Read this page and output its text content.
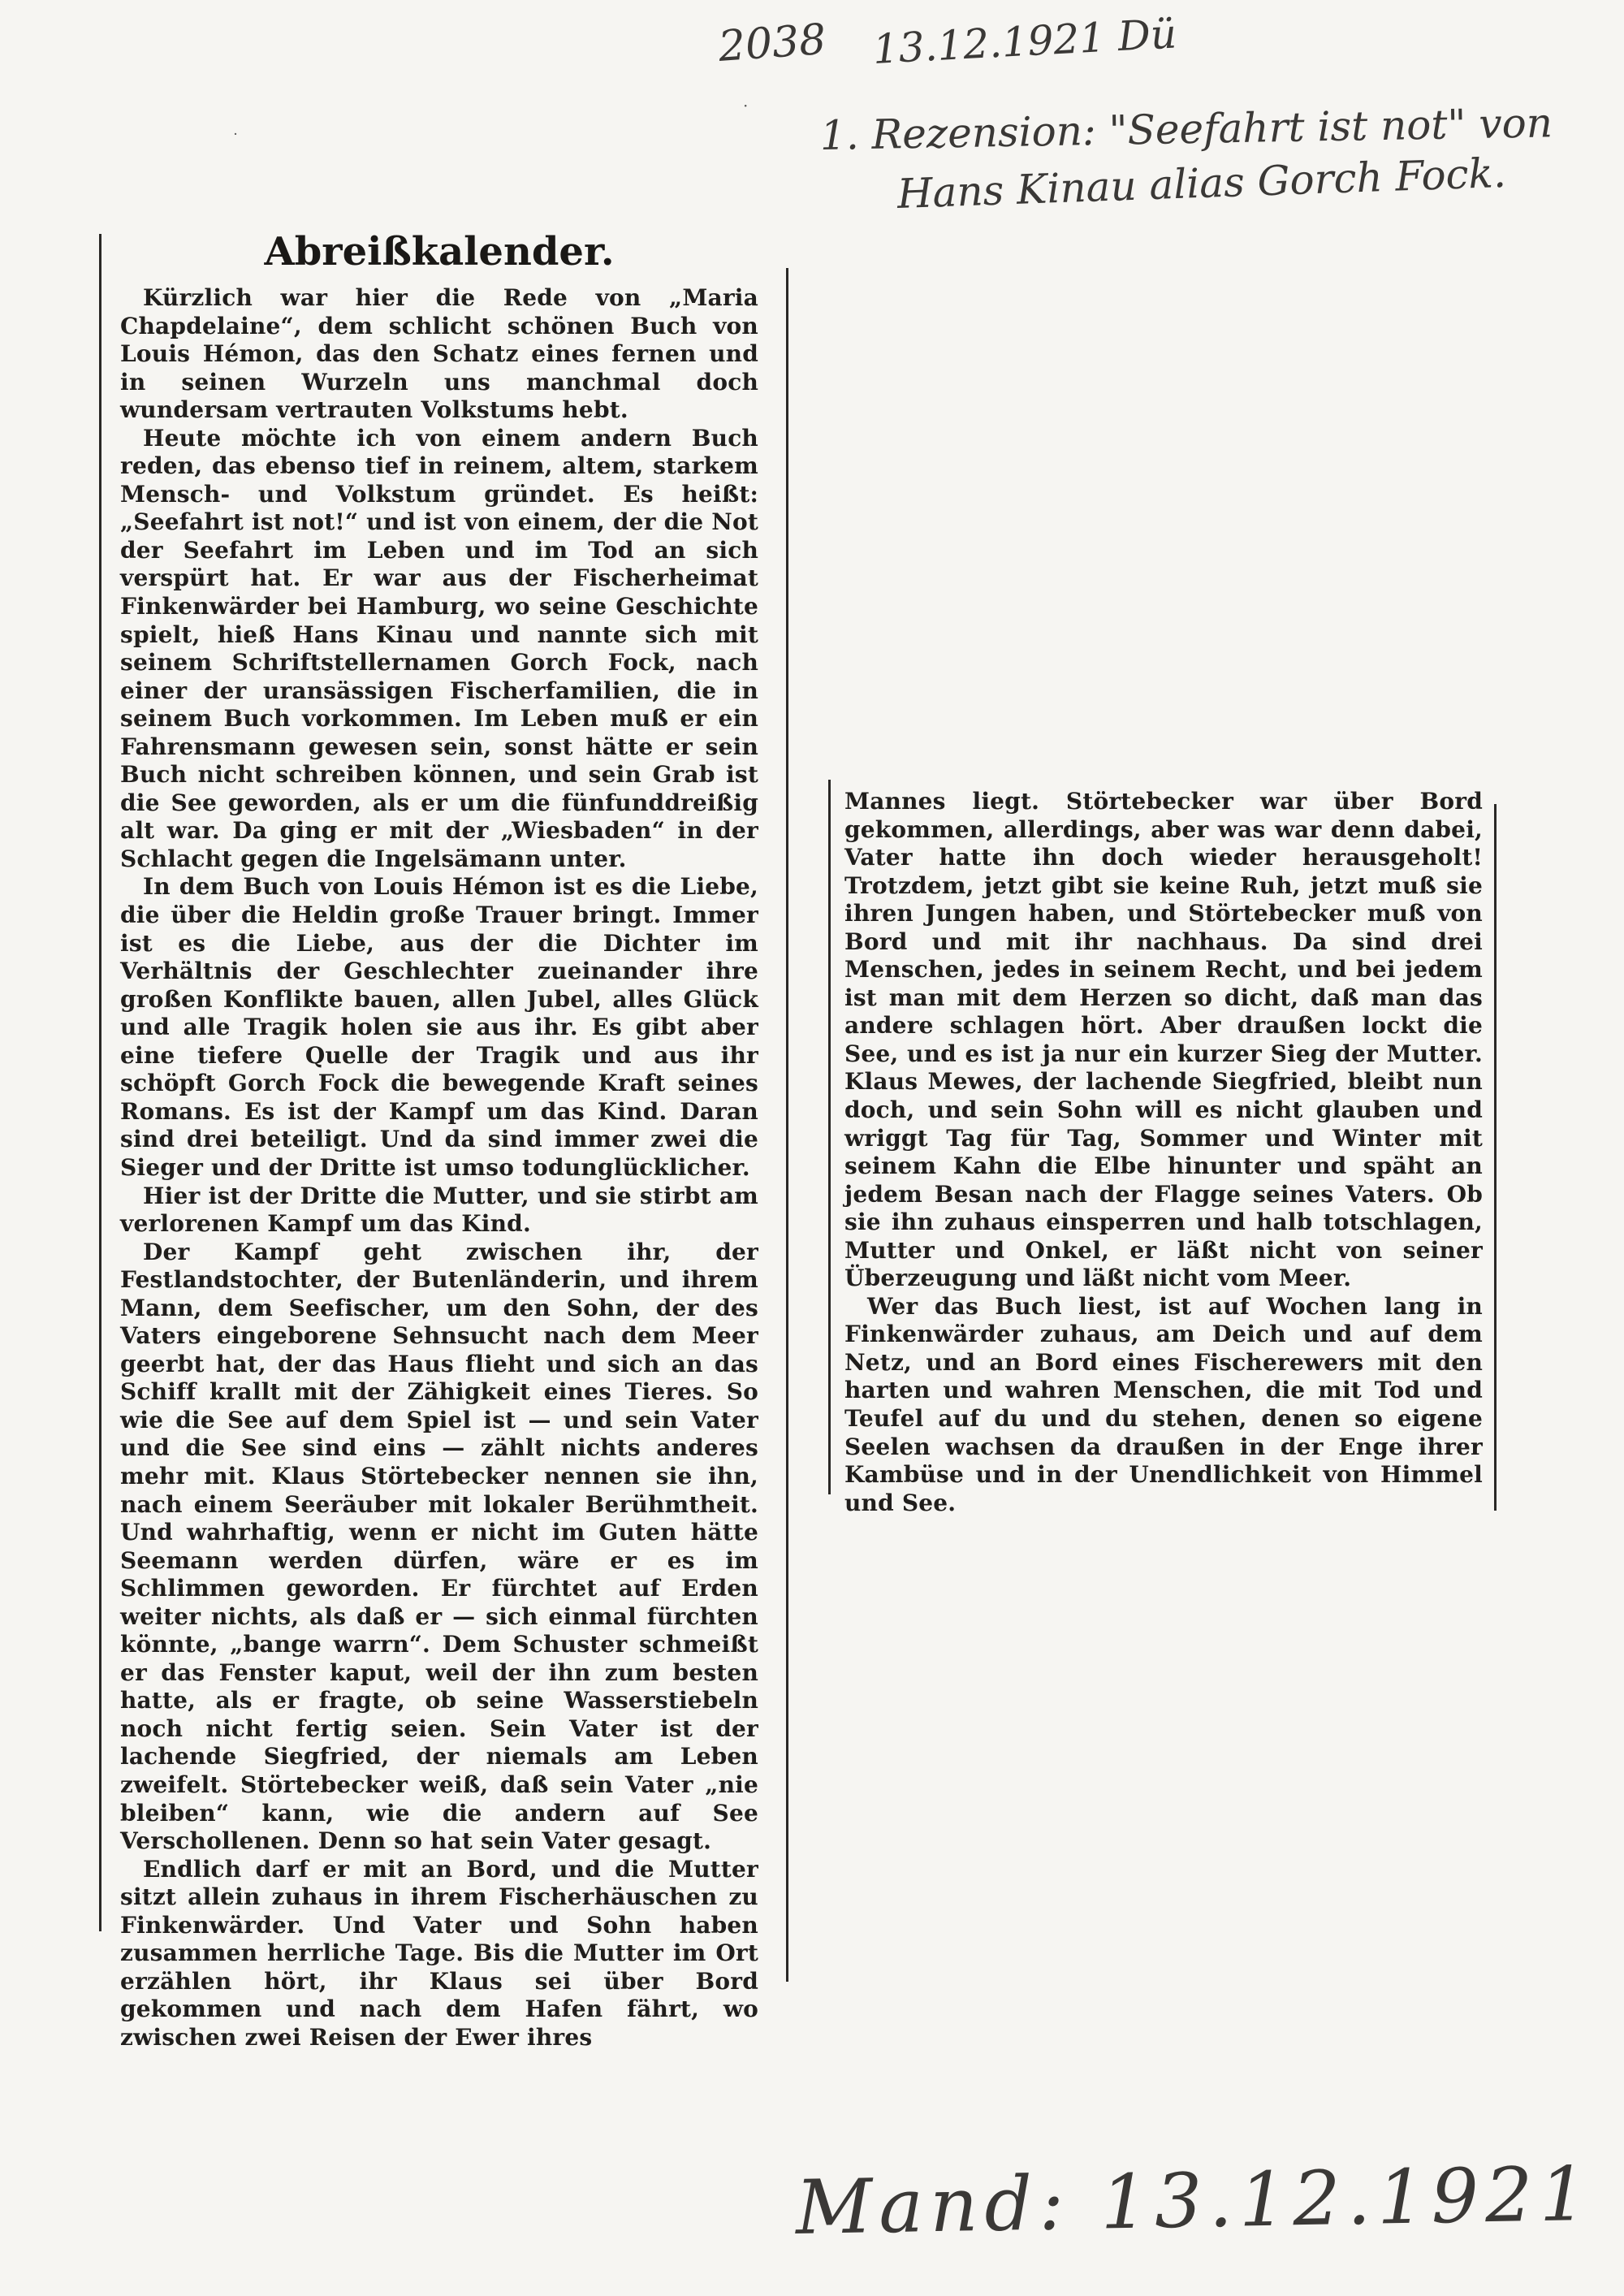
2038 13.12.1921 Dü
1. Rezension: "Seefahrt ist not" von
Hans Kinau alias Gorch Fock.
˙
·
Abreißkalender.

Kürzlich war hier die Rede von „Maria Chapdelaine“, dem schlicht schönen Buch von Louis Hémon, das den Schatz eines fernen und in seinen Wurzeln uns manchmal doch wundersam vertrauten Volkstums hebt.

Heute möchte ich von einem andern Buch reden, das ebenso tief in reinem, altem, starkem Mensch- und Volkstum gründet. Es heißt: „Seefahrt ist not!“ und ist von einem, der die Not der Seefahrt im Leben und im Tod an sich verspürt hat. Er war aus der Fischerheimat Finkenwärder bei Hamburg, wo seine Geschichte spielt, hieß Hans Kinau und nannte sich mit seinem Schriftstellernamen Gorch Fock, nach einer der uransässigen Fischerfamilien, die in seinem Buch vorkommen. Im Leben muß er ein Fahrensmann gewesen sein, sonst hätte er sein Buch nicht schreiben können, und sein Grab ist die See geworden, als er um die fünfunddreißig alt war. Da ging er mit der „Wiesbaden“ in der Schlacht gegen die Ingelsämann unter.

In dem Buch von Louis Hémon ist es die Liebe, die über die Heldin große Trauer bringt. Immer ist es die Liebe, aus der die Dichter im Verhältnis der Geschlechter zueinander ihre großen Konflikte bauen, allen Jubel, alles Glück und alle Tragik holen sie aus ihr. Es gibt aber eine tiefere Quelle der Tragik und aus ihr schöpft Gorch Fock die bewegende Kraft seines Romans. Es ist der Kampf um das Kind. Daran sind drei beteiligt. Und da sind immer zwei die Sieger und der Dritte ist umso todunglücklicher.

Hier ist der Dritte die Mutter, und sie stirbt am verlorenen Kampf um das Kind.

Der Kampf geht zwischen ihr, der Festlandstochter, der Butenländerin, und ihrem Mann, dem Seefischer, um den Sohn, der des Vaters eingeborene Sehnsucht nach dem Meer geerbt hat, der das Haus flieht und sich an das Schiff krallt mit der Zähigkeit eines Tieres. So wie die See auf dem Spiel ist — und sein Vater und die See sind eins — zählt nichts anderes mehr mit. Klaus Störtebecker nennen sie ihn, nach einem Seeräuber mit lokaler Berühmtheit. Und wahrhaftig, wenn er nicht im Guten hätte Seemann werden dürfen, wäre er es im Schlimmen geworden. Er fürchtet auf Erden weiter nichts, als daß er — sich einmal fürchten könnte, „bange warrn“. Dem Schuster schmeißt er das Fenster kaput, weil der ihn zum besten hatte, als er fragte, ob seine Wasserstiebeln noch nicht fertig seien. Sein Vater ist der lachende Siegfried, der niemals am Leben zweifelt. Störtebecker weiß, daß sein Vater „nie bleiben“ kann, wie die andern auf See Verschollenen. Denn so hat sein Vater gesagt.

Endlich darf er mit an Bord, und die Mutter sitzt allein zuhaus in ihrem Fischerhäuschen zu Finkenwärder. Und Vater und Sohn haben zusammen herrliche Tage. Bis die Mutter im Ort erzählen hört, ihr Klaus sei über Bord gekommen und nach dem Hafen fährt, wo zwischen zwei Reisen der Ewer ihres

Mannes liegt. Störtebecker war über Bord gekommen, allerdings, aber was war denn dabei, Vater hatte ihn doch wieder herausgeholt! Trotzdem, jetzt gibt sie keine Ruh, jetzt muß sie ihren Jungen haben, und Störtebecker muß von Bord und mit ihr nachhaus. Da sind drei Menschen, jedes in seinem Recht, und bei jedem ist man mit dem Herzen so dicht, daß man das andere schlagen hört. Aber draußen lockt die See, und es ist ja nur ein kurzer Sieg der Mutter. Klaus Mewes, der lachende Siegfried, bleibt nun doch, und sein Sohn will es nicht glauben und wriggt Tag für Tag, Sommer und Winter mit seinem Kahn die Elbe hinunter und späht an jedem Besan nach der Flagge seines Vaters. Ob sie ihn zuhaus einsperren und halb totschlagen, Mutter und Onkel, er läßt nicht von seiner Überzeugung und läßt nicht vom Meer.

Wer das Buch liest, ist auf Wochen lang in Finkenwärder zuhaus, am Deich und auf dem Netz, und an Bord eines Fischerewers mit den harten und wahren Menschen, die mit Tod und Teufel auf du und du stehen, denen so eigene Seelen wachsen da draußen in der Enge ihrer Kambüse und in der Unendlichkeit von Himmel und See.

Mand: 13.12.1921
